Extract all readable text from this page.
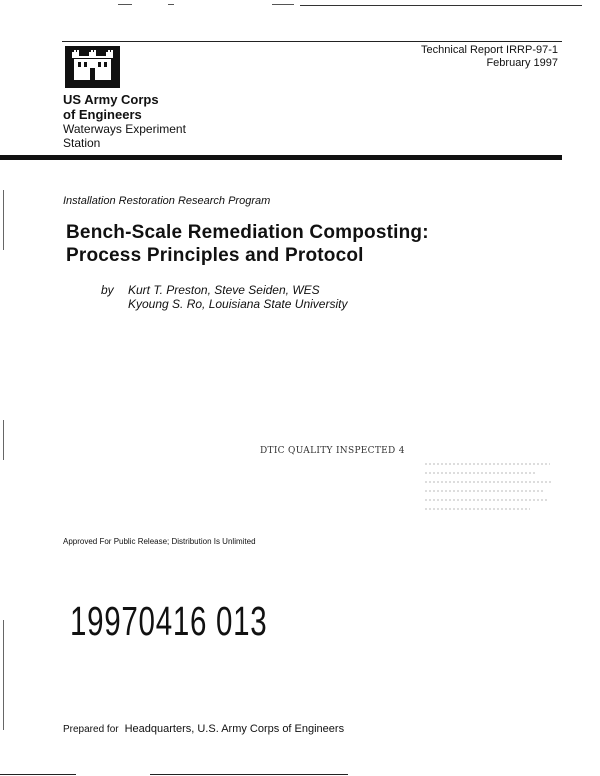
US Army Corps
of Engineers
Waterways Experiment
Station
Technical Report IRRP-97-1
February 1997
Installation Restoration Research Program
Bench-Scale Remediation Composting:
Process Principles and Protocol
by Kurt T. Preston, Steve Seiden, WES
Kyoung S. Ro, Louisiana State University
DTIC QUALITY INSPECTED 4
Approved For Public Release; Distribution Is Unlimited
19970416 013
Prepared for Headquarters, U.S. Army Corps of Engineers
